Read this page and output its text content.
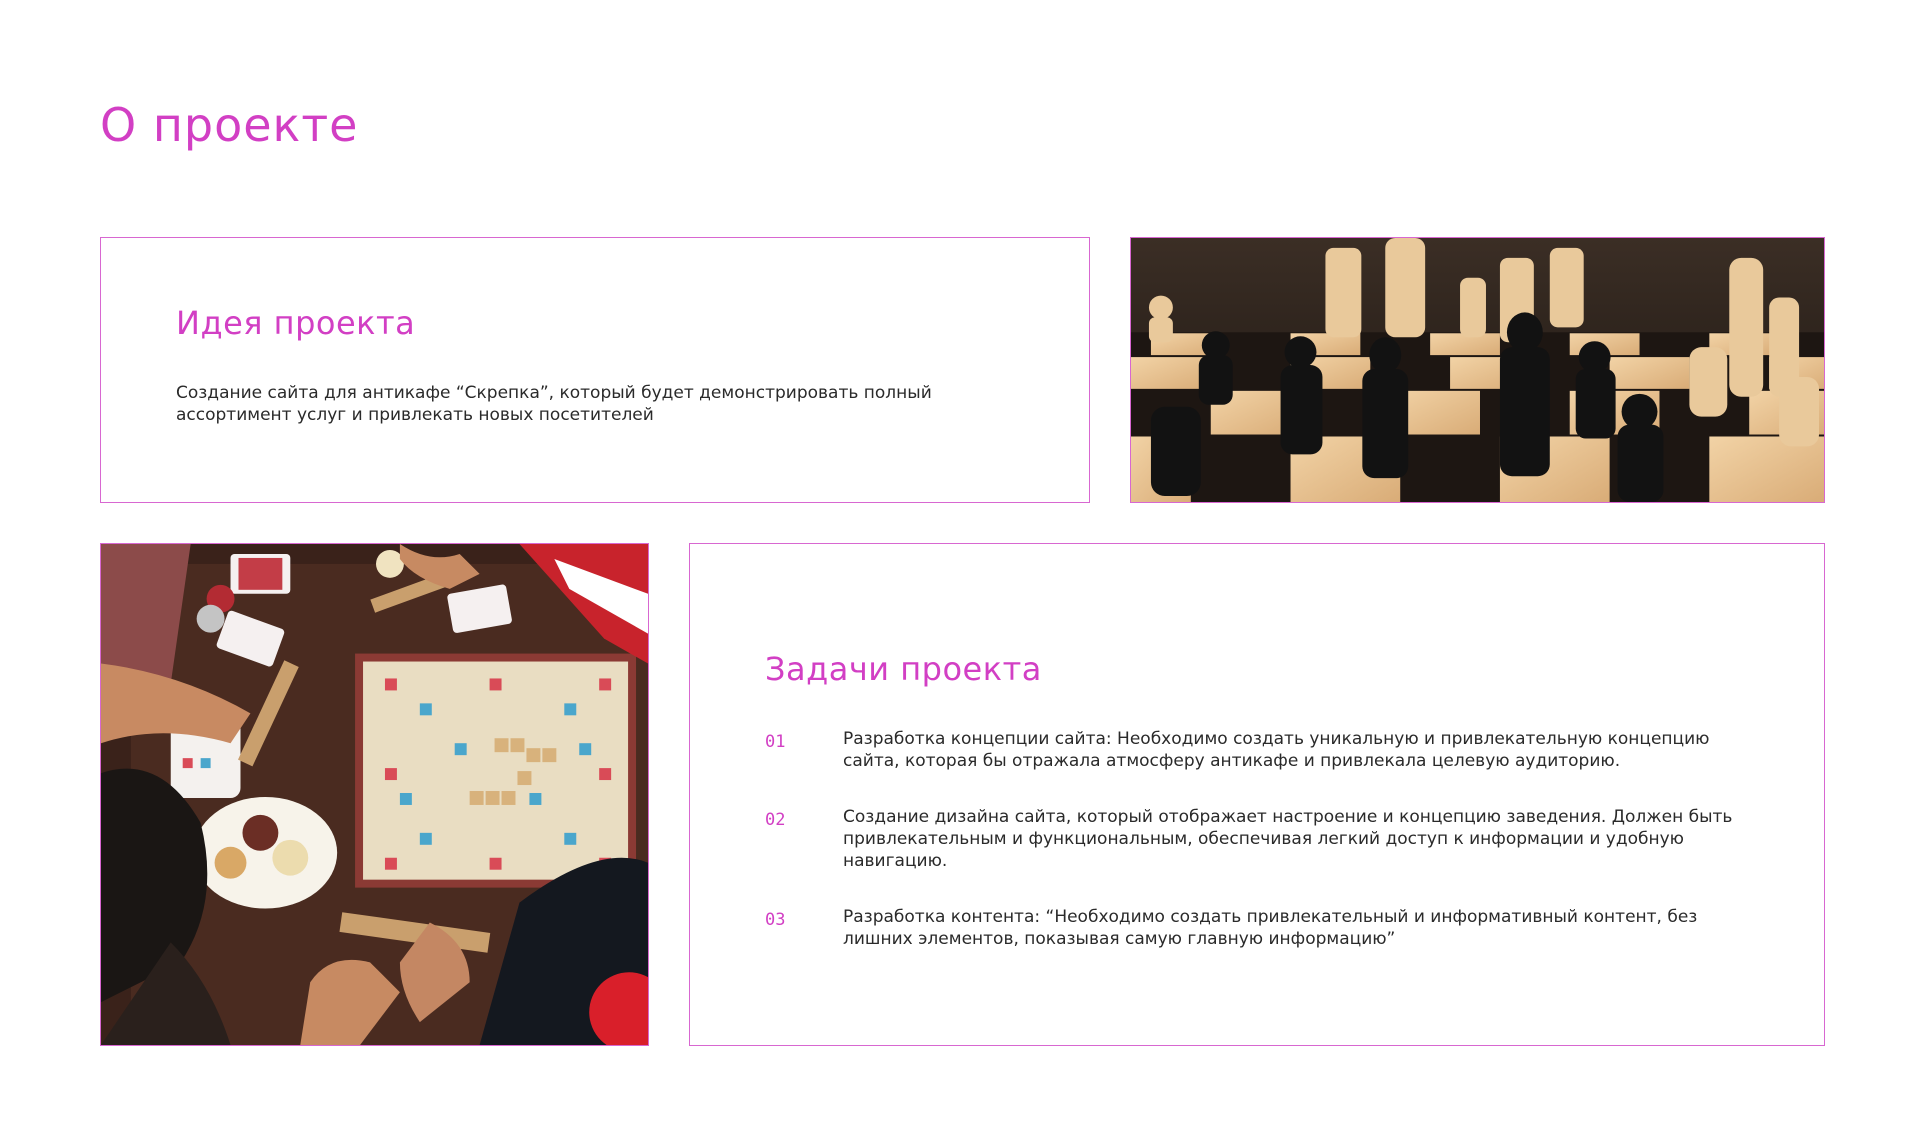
О проекте
Идея проекта

Создание сайта для антикафе “Скрепка”, который будет демонстрировать полный ассортимент услуг и привлекать новых посетителей

Задачи проекта
01	Разработка концепции сайта: Необходимо создать уникальную и привлекательную концепцию сайта, которая бы отражала атмосферу антикафе и привлекала целевую аудиторию.
02	Создание дизайна сайта, который отображает настроение и концепцию заведения. Должен быть привлекательным и функциональным, обеспечивая легкий доступ к информации и удобную навигацию.
03	Разработка контента: “Необходимо создать привлекательный и информативный контент, без лишних элементов, показывая самую главную информацию”
